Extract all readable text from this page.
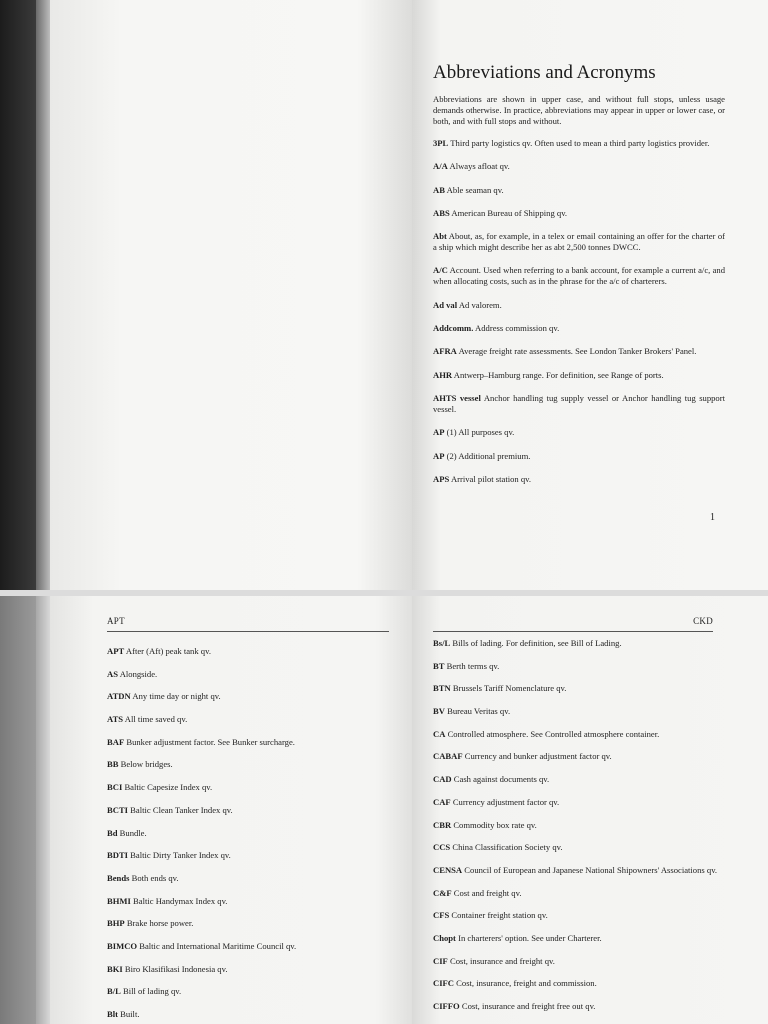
Abbreviations and Acronyms

Abbreviations are shown in upper case, and without full stops, unless usage demands otherwise. In practice, abbreviations may appear in upper or lower case, or both, and with full stops and without.

3PL Third party logistics qv. Often used to mean a third party logistics provider.

A/A Always afloat qv.

AB Able seaman qv.

ABS American Bureau of Shipping qv.

Abt About, as, for example, in a telex or email containing an offer for the charter of a ship which might describe her as abt 2,500 tonnes DWCC.

A/C Account. Used when referring to a bank account, for example a current a/c, and when allocating costs, such as in the phrase for the a/c of charterers.

Ad val Ad valorem.

Addcomm. Address commission qv.

AFRA Average freight rate assessments. See London Tanker Brokers' Panel.

AHR Antwerp–Hamburg range. For definition, see Range of ports.

AHTS vessel Anchor handling tug supply vessel or Anchor handling tug support vessel.

AP (1) All purposes qv.

AP (2) Additional premium.

APS Arrival pilot station qv.

1
APT

APT After (Aft) peak tank qv.

AS Alongside.

ATDN Any time day or night qv.

ATS All time saved qv.

BAF Bunker adjustment factor. See Bunker surcharge.

BB Below bridges.

BCI Baltic Capesize Index qv.

BCTI Baltic Clean Tanker Index qv.

Bd Bundle.

BDTI Baltic Dirty Tanker Index qv.

Bends Both ends qv.

BHMI Baltic Handymax Index qv.

BHP Brake horse power.

BIMCO Baltic and International Maritime Council qv.

BKI Biro Klasifikasi Indonesia qv.

B/L Bill of lading qv.

Blt Built.

CKD

Bs/L Bills of lading. For definition, see Bill of Lading.

BT Berth terms qv.

BTN Brussels Tariff Nomenclature qv.

BV Bureau Veritas qv.

CA Controlled atmosphere. See Controlled atmosphere container.

CABAF Currency and bunker adjustment factor qv.

CAD Cash against documents qv.

CAF Currency adjustment factor qv.

CBR Commodity box rate qv.

CCS China Classification Society qv.

CENSA Council of European and Japanese National Shipowners' Associations qv.

C&F Cost and freight qv.

CFS Container freight station qv.

Chopt In charterers' option. See under Charterer.

CIF Cost, insurance and freight qv.

CIFC Cost, insurance, freight and commission.

CIFFO Cost, insurance and freight free out qv.
